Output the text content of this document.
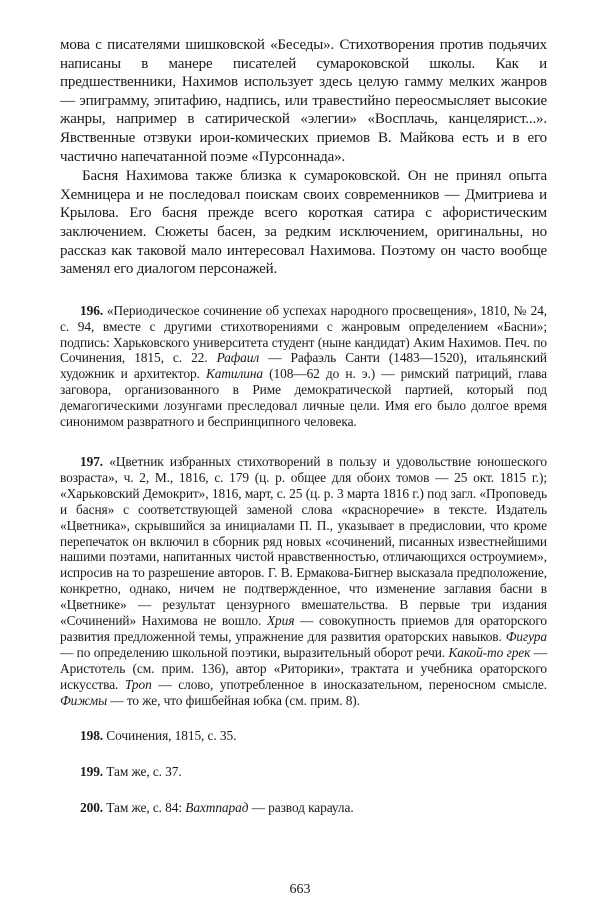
мова с писателями шишковской «Беседы». Стихотворения против подьячих написаны в манере писателей сумароковской школы. Как и предшественники, Нахимов использует здесь целую гамму мелких жанров — эпиграмму, эпитафию, надпись, или травестийно переосмысляет высокие жанры, например в сатирической «элегии» «Восплачь, канцелярист...». Явственные отзвуки ирои-комических приемов В. Майкова есть и в его частично напечатанной поэме «Пурсоннада».

Басня Нахимова также близка к сумароковской. Он не принял опыта Хемницера и не последовал поискам своих современников — Дмитриева и Крылова. Его басня прежде всего короткая сатира с афористическим заключением. Сюжеты басен, за редким исключением, оригинальны, но рассказ как таковой мало интересовал Нахимова. Поэтому он часто вообще заменял его диалогом персонажей.

196. «Периодическое сочинение об успехах народного просвещения», 1810, № 24, с. 94, вместе с другими стихотворениями с жанровым определением «Басни»; подпись: Харьковского университета студент (ныне кандидат) Аким Нахимов. Печ. по Сочинения, 1815, с. 22. Рафаил — Рафаэль Санти (1483—1520), итальянский художник и архитектор. Катилина (108—62 до н. э.) — римский патриций, глава заговора, организованного в Риме демократической партией, который под демагогическими лозунгами преследовал личные цели. Имя его было долгое время синонимом развратного и беспринципного человека.

197. «Цветник избранных стихотворений в пользу и удовольствие юношеского возраста», ч. 2, М., 1816, с. 179 (ц. р. общее для обоих томов — 25 окт. 1815 г.); «Харьковский Демокрит», 1816, март, с. 25 (ц. р. 3 марта 1816 г.) под загл. «Проповедь и басня» с соответствующей заменой слова «красноречие» в тексте. Издатель «Цветника», скрывшийся за инициалами П. П., указывает в предисловии, что кроме перепечаток он включил в сборник ряд новых «сочинений, писанных известнейшими нашими поэтами, напитанных чистой нравственностью, отличающихся остроумием», испросив на то разрешение авторов. Г. В. Ермакова-Бигнер высказала предположение, конкретно, однако, ничем не подтвержденное, что изменение заглавия басни в «Цветнике» — результат цензурного вмешательства. В первые три издания «Сочинений» Нахимова не вошло. Хрия — совокупность приемов для ораторского развития предложенной темы, упражнение для развития ораторских навыков. Фигура — по определению школьной поэтики, выразительный оборот речи. Какой-то грек — Аристотель (см. прим. 136), автор «Риторики», трактата и учебника ораторского искусства. Троп — слово, употребленное в иносказательном, переносном смысле. Фижмы — то же, что фишбейная юбка (см. прим. 8).

198. Сочинения, 1815, с. 35.

199. Там же, с. 37.

200. Там же, с. 84: Вахтпарад — развод караула.

663
